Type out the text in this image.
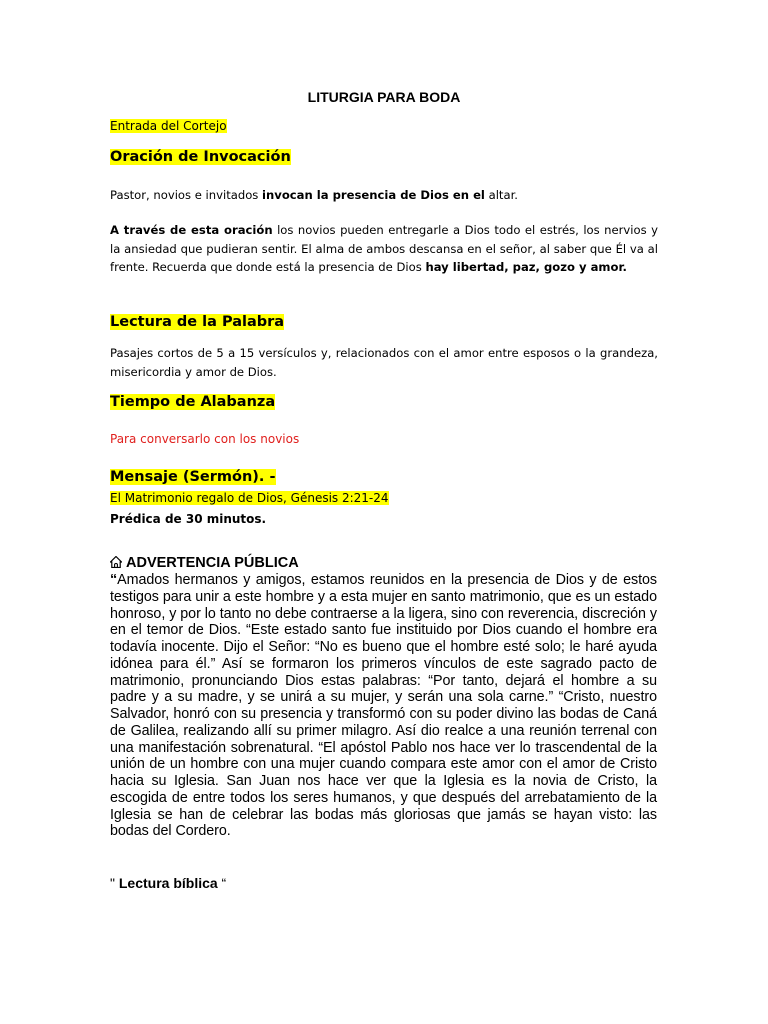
LITURGIA PARA BODA
Entrada del Cortejo
Oración de Invocación
Pastor, novios e invitados invocan la presencia de Dios en el altar.
A través de esta oración los novios pueden entregarle a Dios todo el estrés, los nervios y la ansiedad que pudieran sentir. El alma de ambos descansa en el señor, al saber que Él va al frente. Recuerda que donde está la presencia de Dios hay libertad, paz, gozo y amor.
Lectura de la Palabra
Pasajes cortos de 5 a 15 versículos y, relacionados con el amor entre esposos o la grandeza, misericordia y amor de Dios.
Tiempo de Alabanza
Para conversarlo con los novios
Mensaje (Sermón). -
El Matrimonio regalo de Dios, Génesis 2:21-24
Prédica de 30 minutos.
ADVERTENCIA PÚBLICA
“Amados hermanos y amigos, estamos reunidos en la presencia de Dios y de estos testigos para unir a este hombre y a esta mujer en santo matrimonio, que es un estado honroso, y por lo tanto no debe contraerse a la ligera, sino con reverencia, discreción y en el temor de Dios. “Este estado santo fue instituido por Dios cuando el hombre era todavía inocente. Dijo el Señor: “No es bueno que el hombre esté solo; le haré ayuda idónea para él.” Así se formaron los primeros vínculos de este sagrado pacto de matrimonio, pronunciando Dios estas palabras: “Por tanto, dejará el hombre a su padre y a su madre, y se unirá a su mujer, y serán una sola carne.” “Cristo, nuestro Salvador, honró con su presencia y transformó con su poder divino las bodas de Caná de Galilea, realizando allí su primer milagro. Así dio realce a una reunión terrenal con una manifestación sobrenatural. “El apóstol Pablo nos hace ver lo trascendental de la unión de un hombre con una mujer cuando compara este amor con el amor de Cristo hacia su Iglesia. San Juan nos hace ver que la Iglesia es la novia de Cristo, la escogida de entre todos los seres humanos, y que después del arrebatamiento de la Iglesia se han de celebrar las bodas más gloriosas que jamás se hayan visto: las bodas del Cordero.
" Lectura bíblica “
